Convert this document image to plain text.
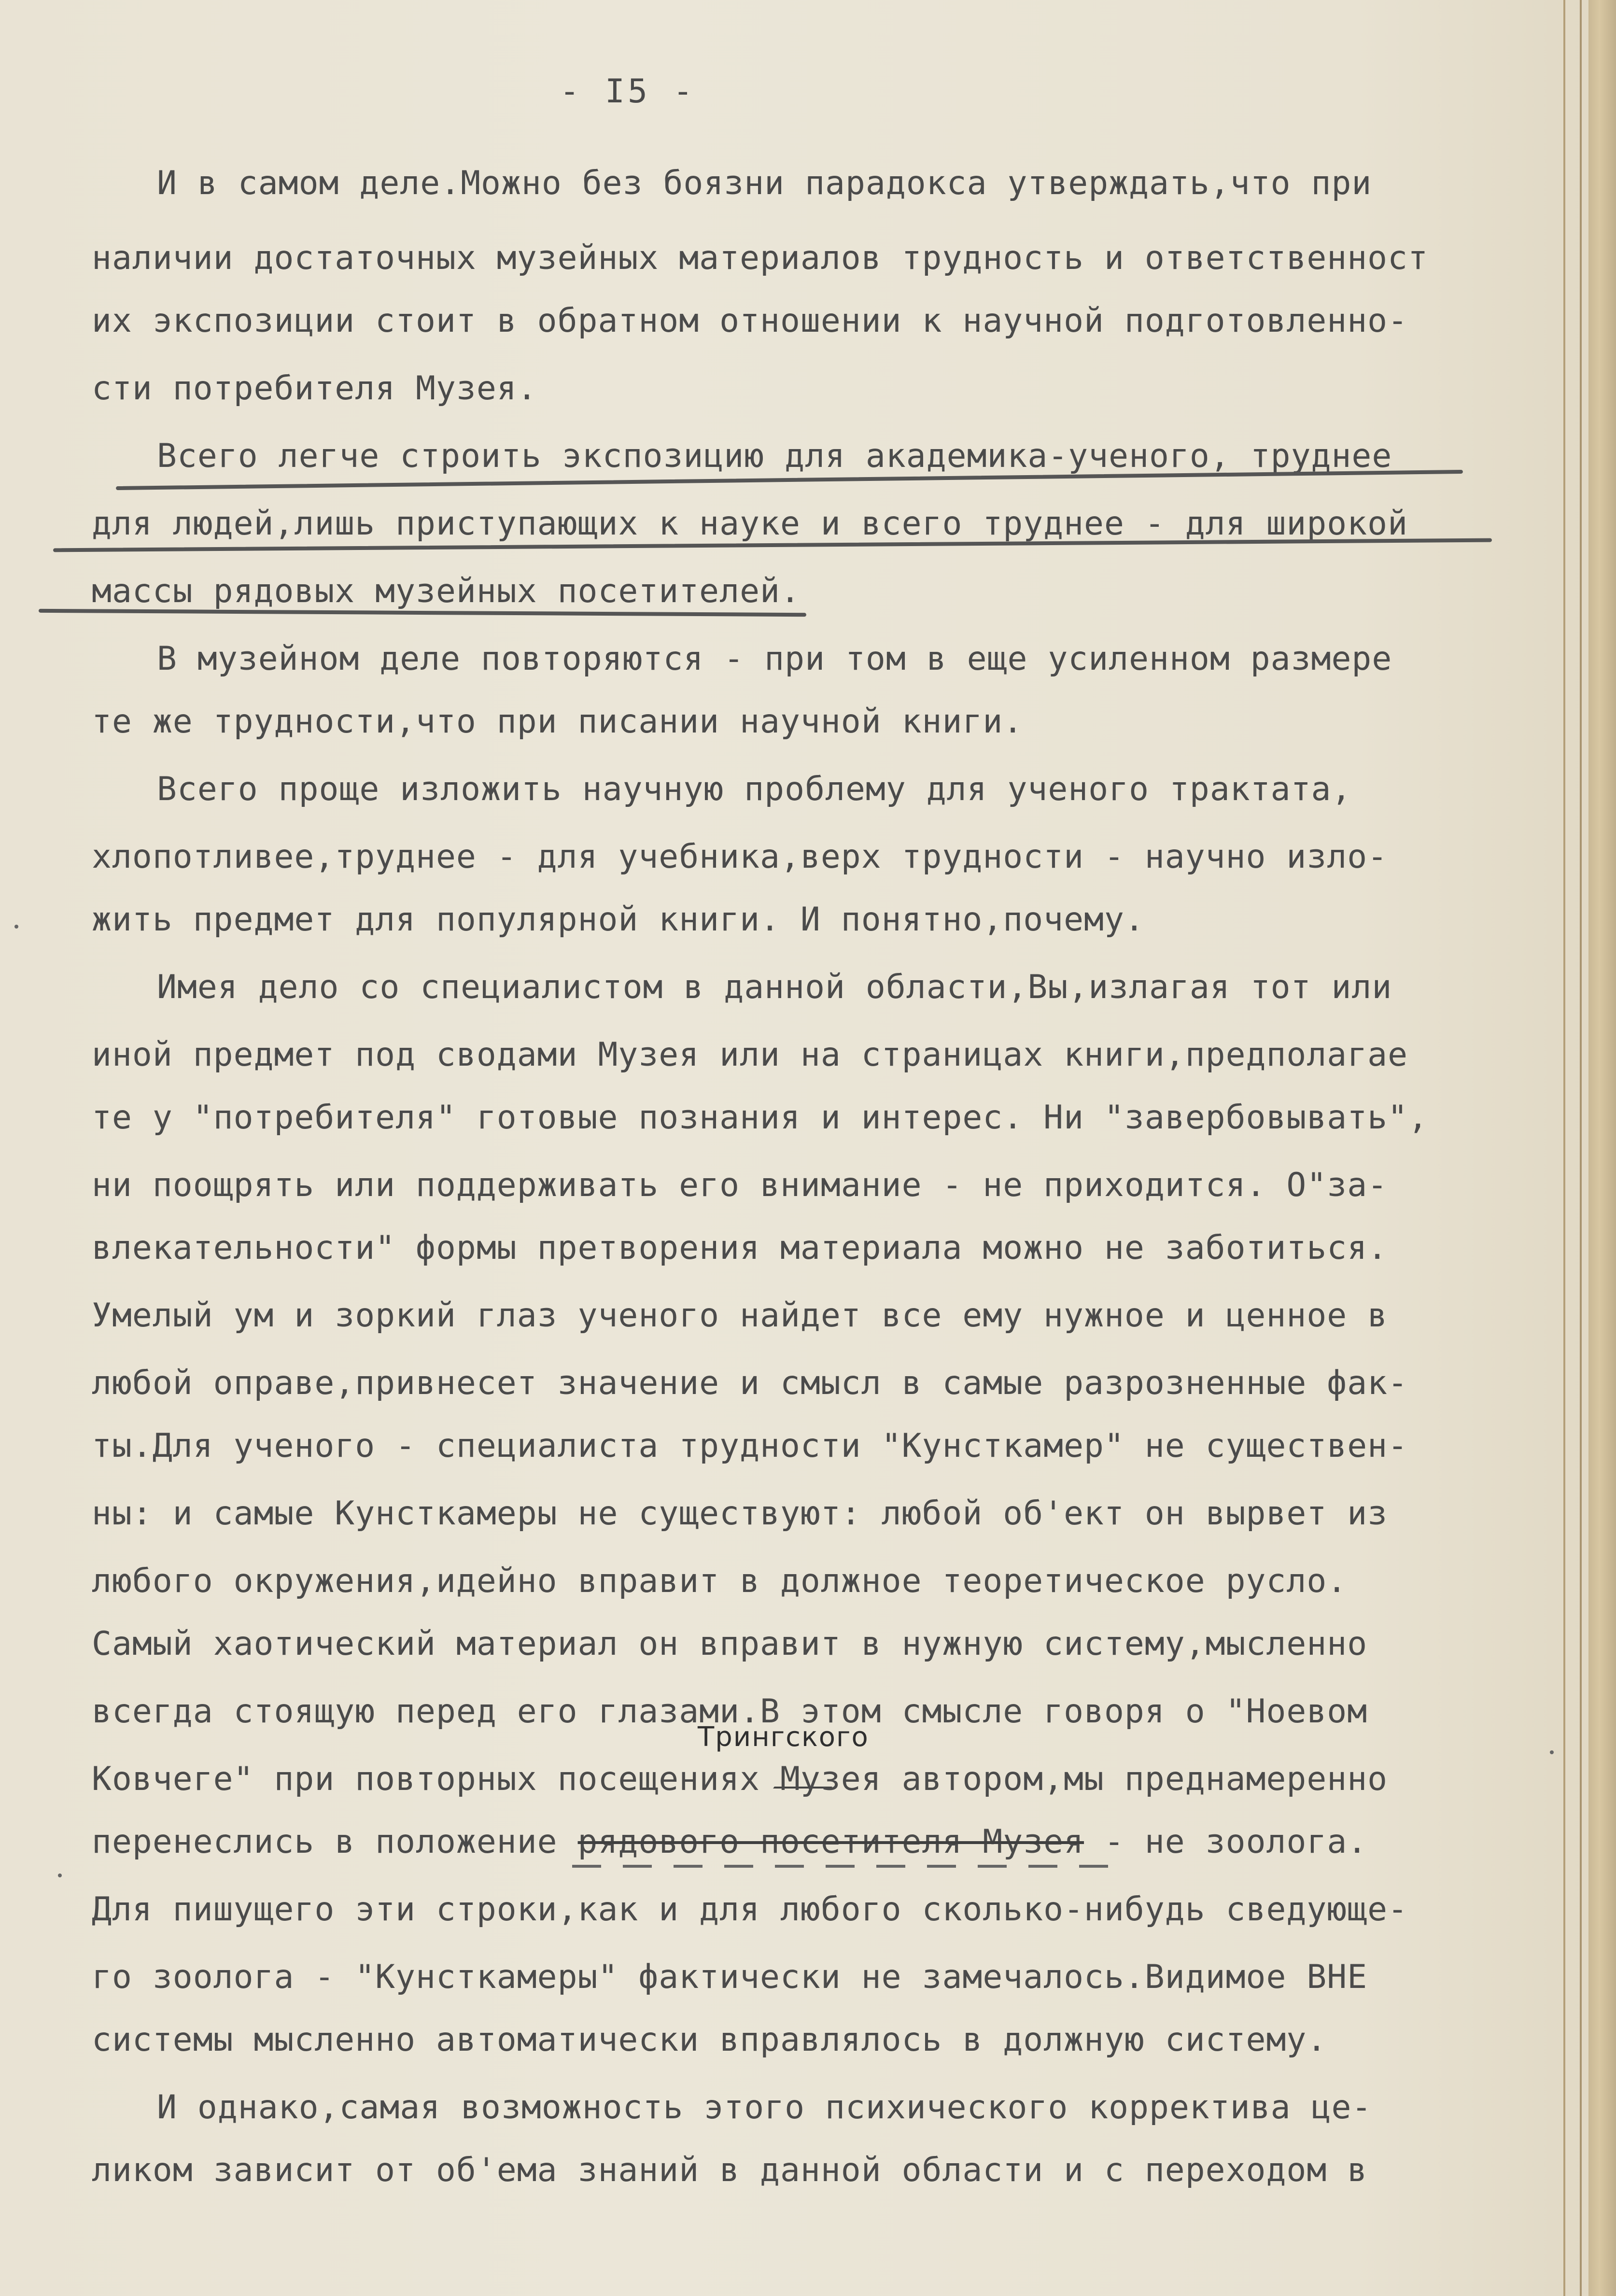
- I5 -
И в самом деле.Можно без боязни парадокса утверждать,что при
наличии достаточных музейных материалов трудность и ответственност
их экспозиции стоит в обратном отношении к научной подготовленно-
сти потребителя Музея.
Всего легче строить экспозицию для академика-ученого, труднее
для людей,лишь приступающих к науке и всего труднее - для широкой
массы рядовых музейных посетителей.
В музейном деле повторяются - при том в еще усиленном размере
те же трудности,что при писании научной книги.
Всего проще изложить научную проблему для ученого трактата,
хлопотливее,труднее - для учебника,верх трудности - научно изло-
жить предмет для популярной книги. И понятно,почему.
Имея дело со специалистом в данной области,Вы,излагая тот или
иной предмет под сводами Музея или на страницах книги,предполагае
те у "потребителя" готовые познания и интерес. Ни "завербовывать",
ни поощрять или поддерживать его внимание - не приходится. О"за-
влекательности" формы претворения материала можно не заботиться.
Умелый ум и зоркий глаз ученого найдет все ему нужное и ценное в
любой оправе,привнесет значение и смысл в самые разрозненные фак-
ты.Для ученого - специалиста трудности "Кунсткамер" не существен-
ны: и самые Кунсткамеры не существуют: любой об'ект он вырвет из
любого окружения,идейно вправит в должное теоретическое русло.
Самый хаотический материал он вправит в нужную систему,мысленно
всегда стоящую перед его глазами.В этом смысле говоря о "Ноевом
Трингского
Ковчеге" при повторных посещениях Музея автором,мы преднамеренно
перенеслись в положение рядового посетителя Музея - не зоолога.
Для пишущего эти строки,как и для любого сколько-нибудь сведующе-
го зоолога - "Кунсткамеры" фактически не замечалось.Видимое ВНЕ
системы мысленно автоматически вправлялось в должную систему.
И однако,самая возможность этого психического корректива це-
ликом зависит от об'ема знаний в данной области и с переходом в
